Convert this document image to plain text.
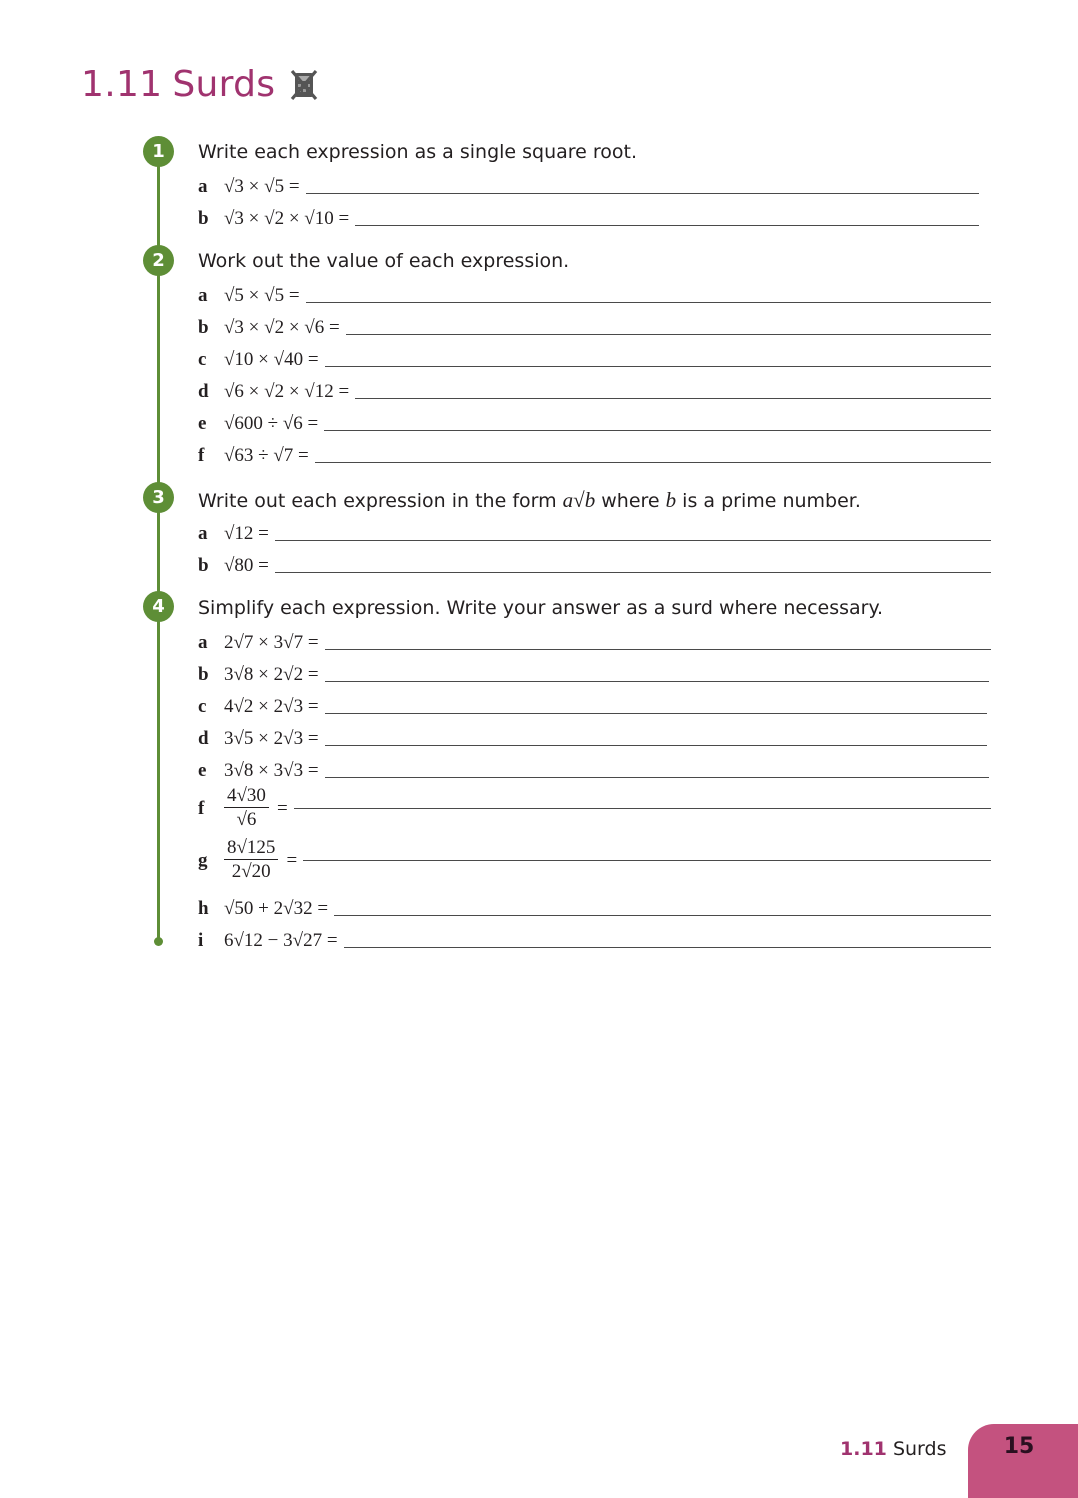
1.11 Surds
1	Write each expression as a single square root.
a √3 × √5 =
b √3 × √2 × √10 =
2	Work out the value of each expression.
a √5 × √5 =
b √3 × √2 × √6 =
c √10 × √40 =
d √6 × √2 × √12 =
e √600 ÷ √6 =
f	√63 ÷ √7 =
3	Write out each expression in the form a√b where b is a prime number.
a √12 =
b √80 =
4	Simplify each expression. Write your answer as a surd where necessary.
a 2√7 × 3√7 =
b 3√8 × 2√2 =
c 4√2 × 2√3 =
d 3√5 × 2√3 =
e 3√8 × 3√3 =
f	$\frac{4√30}{√6}$ =
g $\frac{8√125}{2√20}$ =
h √50 + 2√32 =
i	6√12 − 3√27 =
1.11 Surds	15
